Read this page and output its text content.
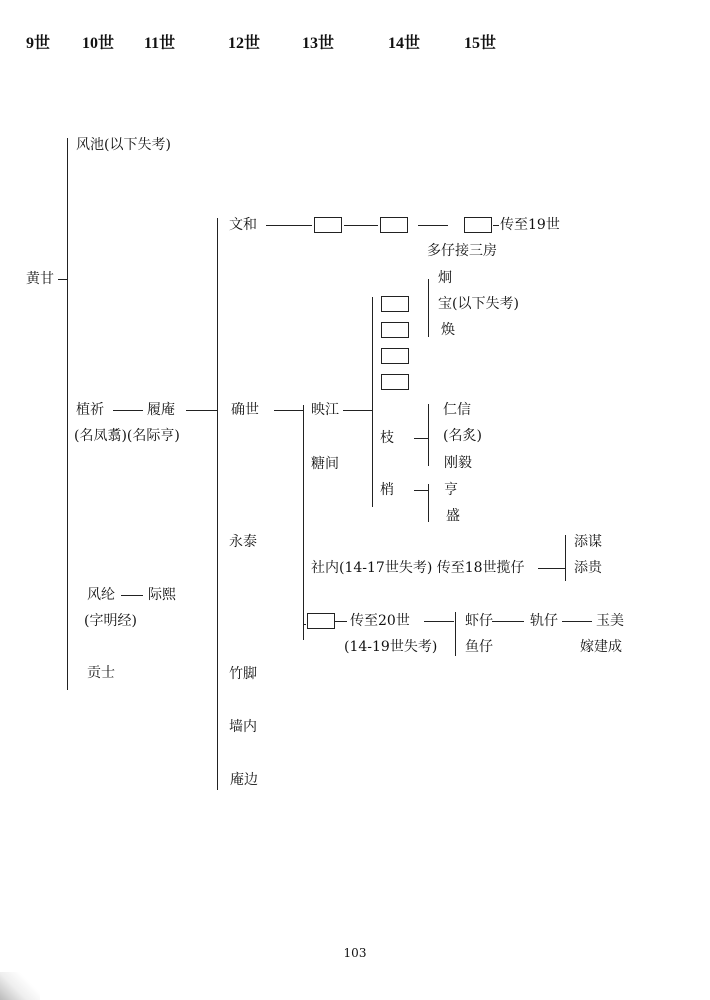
9世 10世 11世	12世	13世	14世	15世
黄甘
风池(以下失考)
植祈	履庵
(名凤翥)(名际亨)
风纶 际熙
(字明经)
贡士
文和	传至19世
多仔接三房
确世
永泰
竹脚
墙内
庵边
映江
糖间
社内(14-17世失考) 传至18世揽仔
添谋
添贵
传至20世
(14-19世失考)
虾仔
鱼仔
轨仔	玉美
嫁建成
炯
宝(以下失考)
焕
枝
仁信
(名炙)
刚毅
梢	亨
盛
103
